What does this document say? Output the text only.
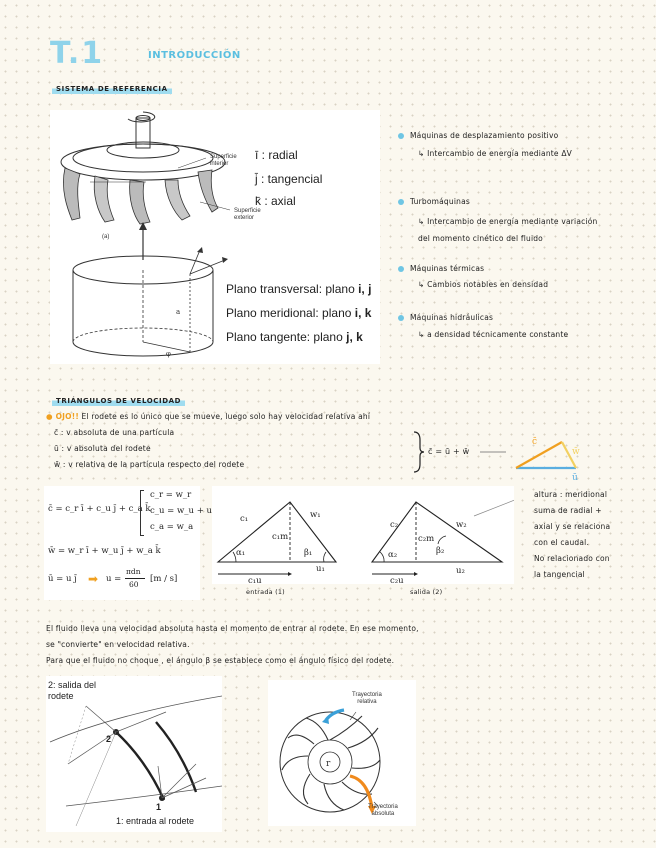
T.1	INTRODUCCIÓN
SISTEMA DE REFERENCIA
a
φ
Superficie
interior
Superficie
exterior
(a)
ī : radial
j̄ : tangencial
k̄ : axial
Plano transversal: plano i, j
Plano meridional: plano i, k
Plano tangente: plano j, k
Máquinas de desplazamiento positivo
↳ Intercambio de energía mediante ΔV
Turbomáquinas
↳ Intercambio de energía mediante variación
del momento cinético del fluido
Máquinas térmicas
↳ Cambios notables en densidad
Máquinas hidráulicas
↳ a densidad técnicamente constante
TRIÁNGULOS DE VELOCIDAD
● OJO!! El rodete es lo único que se mueve, luego solo hay velocidad relativa ahí
c̄ : v absoluta de una partícula
ū : v absoluta del rodete
w̄ : v relativa de la partícula respecto del rodete
c̄ = ū + w̄
c̄
w̄
ū
c̄ = c_r ī + c_u j̄ + c_a k̄
c_r = w_r
c_u = w_u + u
c_a = w_a
w̄ = w_r ī + w_u j̄ + w_a k̄
ū = u j̄ ➡ u =
πdn
60
[m / s]
c₁	w₁
c₁m
α₁	β₁
c₁u
u₁
c₂	w₂
c₂m
α₂	β₂
c₂u
u₂
entrada (1)	salida (2)
altura : meridional
suma de radial +
axial y se relaciona
con el caudal.
No relacionado con
la tangencial
El fluido lleva una velocidad absoluta hasta el momento de entrar al rodete. En ese momento,
se "convierte" en velocidad relativa.
Para que el fluido no choque , el ángulo β se establece como el ángulo físico del rodete.
2: salida del
rodete
2
1
1: entrada al rodete
r
Trayectoria
relativa
Trayectoria
absoluta
